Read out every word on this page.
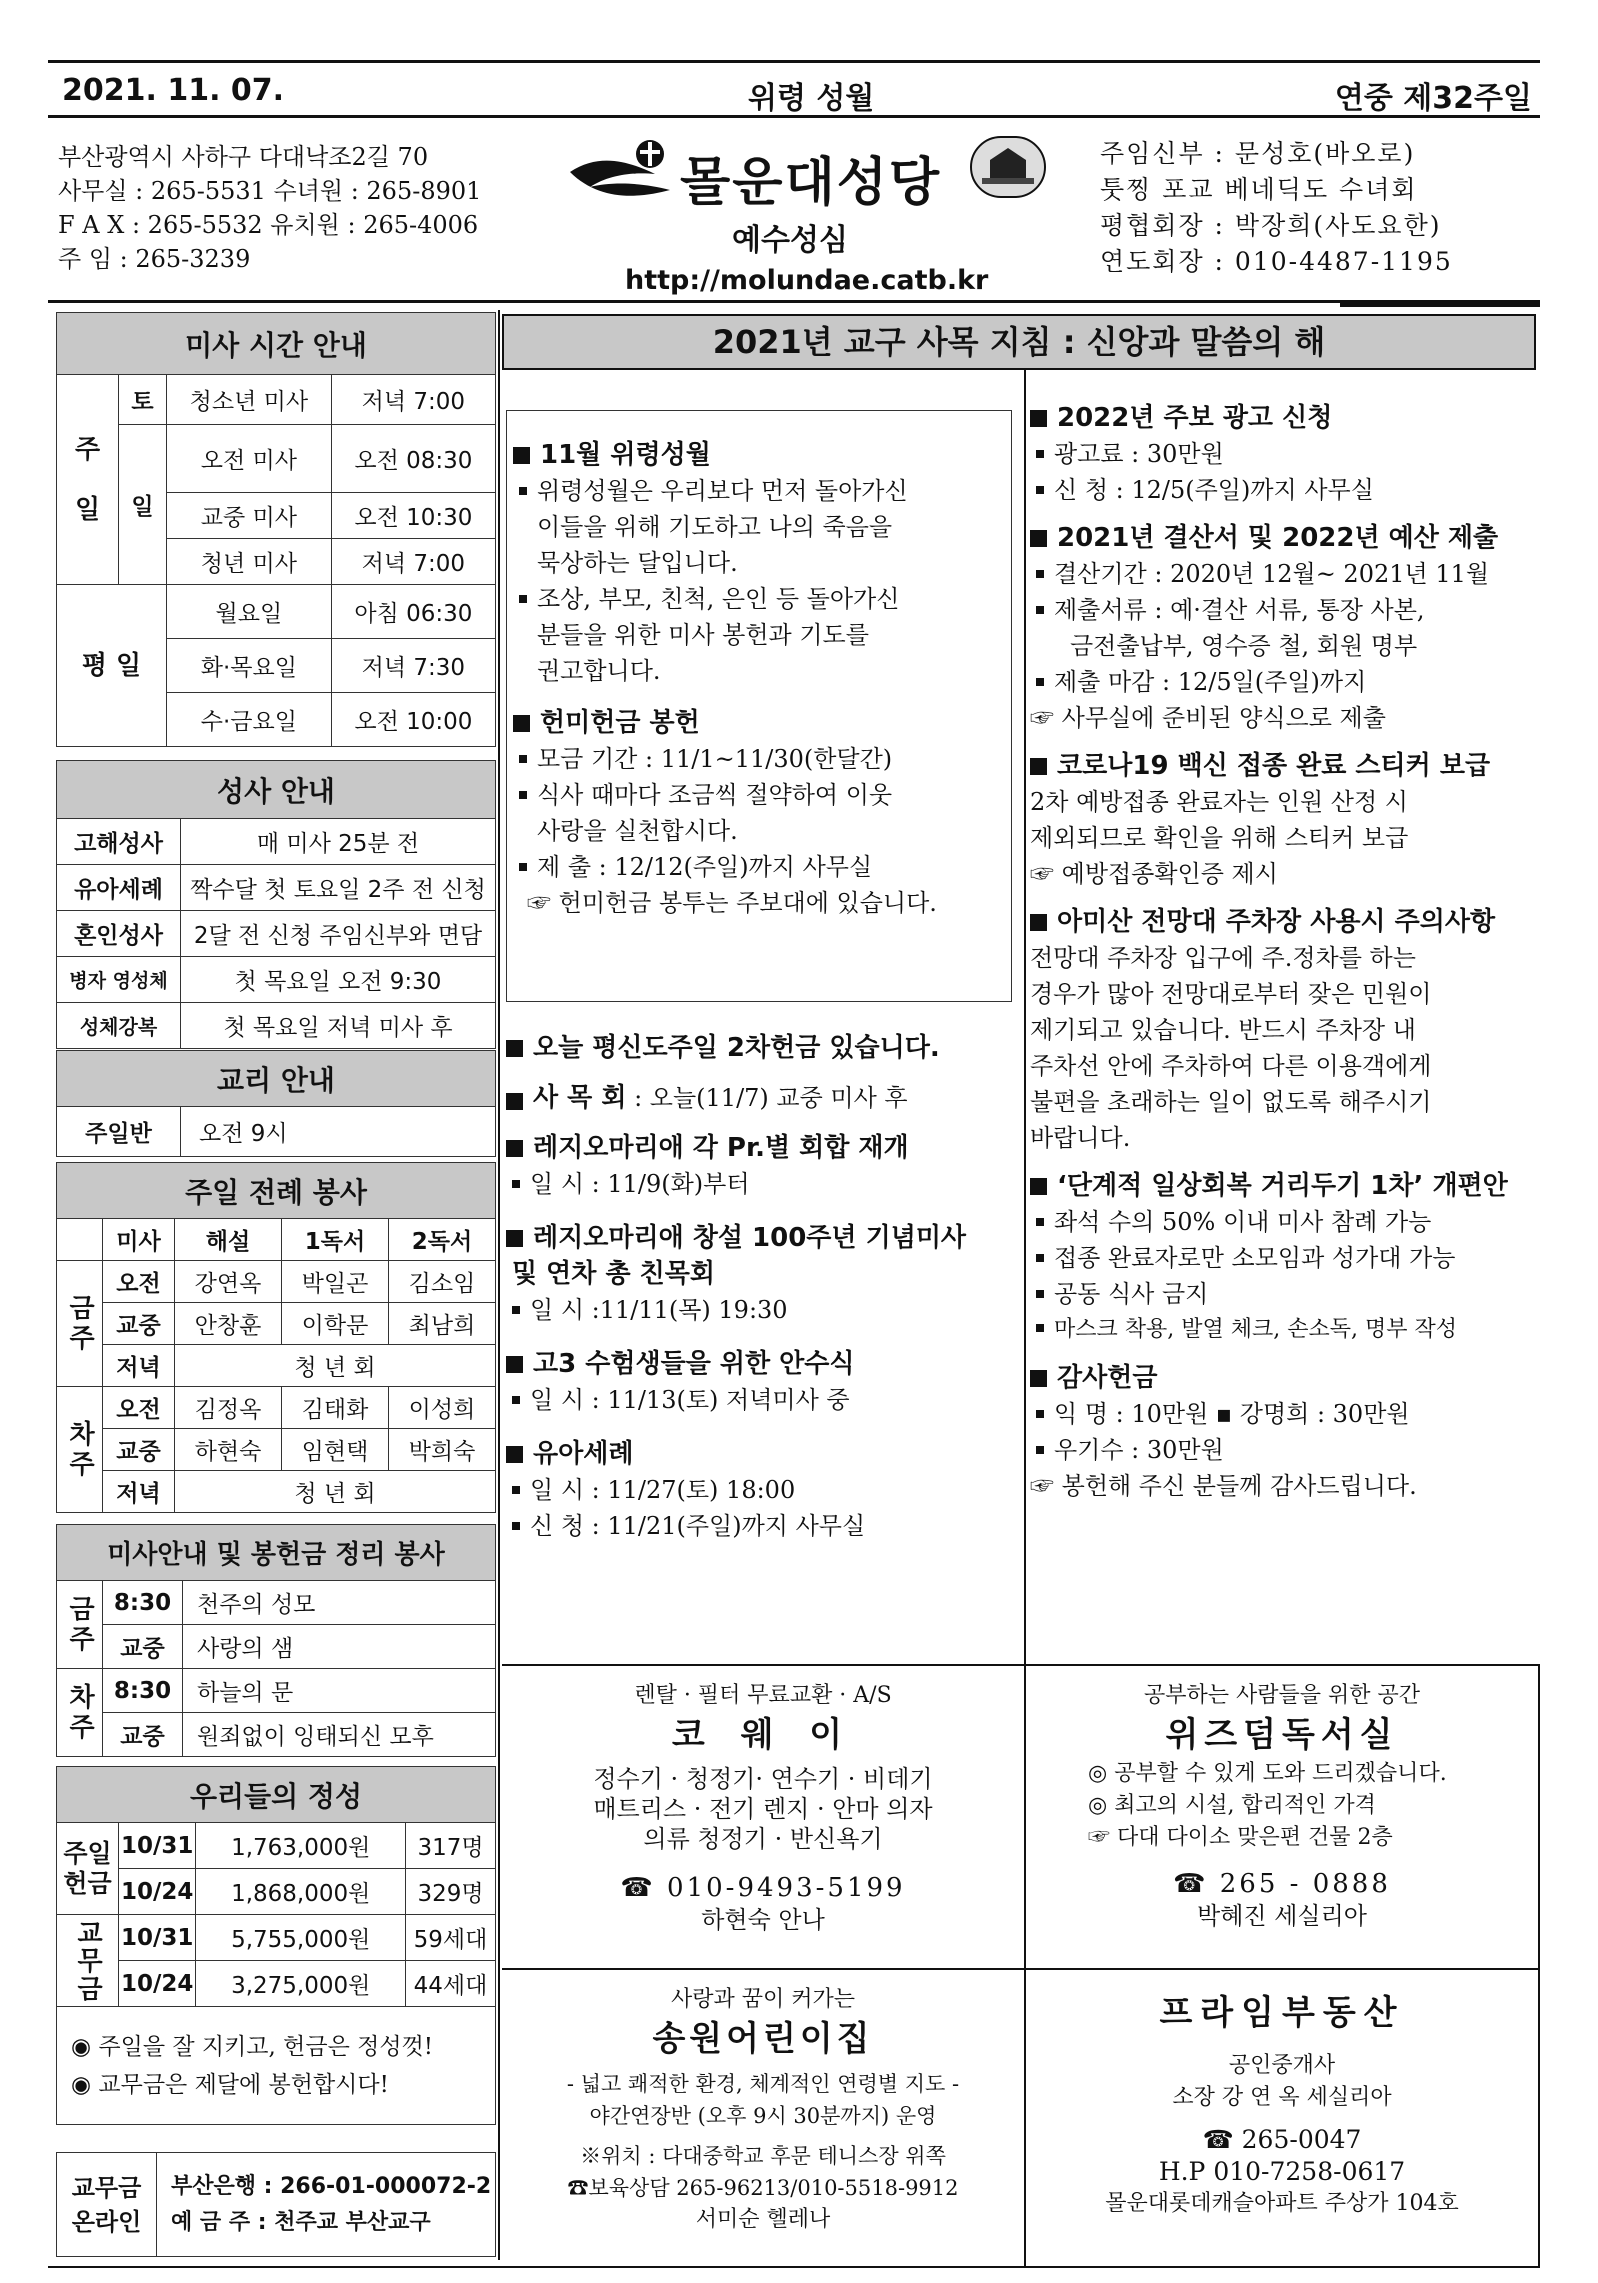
2021. 11. 07.	위령 성월	연중 제32주일
부산광역시 사하구 다대낙조2길 70
사무실 : 265-5531 수녀원 : 265-8901
F A X : 265-5532 유치원 : 265-4006
주 임 : 265-3239
몰운대성당
예수성심
http://molundae.catb.kr
주임신부 : 문성호(바오로)
툿찡 포교 베네딕도 수녀회
평협회장 : 박장희(사도요한)
연도회장 : 010-4487-1195
미사 시간 안내			

주
일	토	청소년 미사	저녁 7:00
	일	오전 미사	오전 08:30
		교중 미사	오전 10:30
		청년 미사	저녁 7:00
평 일		월요일	아침 06:30
		화·목요일	저녁 7:30
		수·금요일	오전 10:00
성사 안내	
고해성사	매 미사 25분 전
유아세례	짝수달 첫 토요일 2주 전 신청
혼인성사	2달 전 신청 주임신부와 면담
병자 영성체	첫 목요일 오전 9:30
성체강복	첫 목요일 저녁 미사 후
교리 안내
주일반	오전 9시
주일 전례 봉사				
	미사	해설	1독서	2독서
금주	오전	강연옥	박일곤	김소임
	교중	안창훈	이학문	최남희
	저녁	청 년 회		
차주	오전	김정옥	김태화	이성희
	교중	하현숙	임현택	박희숙
	저녁	청 년 회		
미사안내 및 봉헌금 정리 봉사		
금주	8:30	천주의 성모
	교중	사랑의 샘
차주	8:30	하늘의 문
	교중	원죄없이 잉태되신 모후
우리들의 정성			
주일헌금	10/31	1,763,000원	317명
	10/24	1,868,000원	329명
교무금	10/31	5,755,000원	59세대
	10/24	3,275,000원	44세대

◉ 주일을 잘 지키고, 헌금은 정성껏!
◉ 교무금은 제달에 봉헌합시다!			
교무금
온라인

부산은행 : 266-01-000072-2
예 금 주 : 천주교 부산교구
2021년 교구 사목 지침 : 신앙과 말씀의 해
11월 위령성월
위령성월은 우리보다 먼저 돌아가신
이들을 위해 기도하고 나의 죽음을
묵상하는 달입니다.
조상, 부모, 친척, 은인 등 돌아가신
분들을 위한 미사 봉헌과 기도를
권고합니다.
헌미헌금 봉헌
모금 기간 : 11/1~11/30(한달간)
식사 때마다 조금씩 절약하여 이웃
사랑을 실천합시다.
제 출 : 12/12(주일)까지 사무실
☞ 헌미헌금 봉투는 주보대에 있습니다.
오늘 평신도주일 2차헌금 있습니다.
사 목 회 : 오늘(11/7) 교중 미사 후
레지오마리애 각 Pr.별 회합 재개
일 시 : 11/9(화)부터
레지오마리애 창설 100주년 기념미사
및 연차 총 친목회
일 시 :11/11(목) 19:30
고3 수험생들을 위한 안수식
일 시 : 11/13(토) 저녁미사 중
유아세례
일 시 : 11/27(토) 18:00
신 청 : 11/21(주일)까지 사무실
2022년 주보 광고 신청
광고료 : 30만원
신 청 : 12/5(주일)까지 사무실
2021년 결산서 및 2022년 예산 제출
결산기간 : 2020년 12월~ 2021년 11월
제출서류 : 예·결산 서류, 통장 사본,
금전출납부, 영수증 철, 회원 명부
제출 마감 : 12/5일(주일)까지
☞ 사무실에 준비된 양식으로 제출
코로나19 백신 접종 완료 스티커 보급
2차 예방접종 완료자는 인원 산정 시
제외되므로 확인을 위해 스티커 보급
☞ 예방접종확인증 제시
아미산 전망대 주차장 사용시 주의사항
전망대 주차장 입구에 주.정차를 하는
경우가 많아 전망대로부터 잦은 민원이
제기되고 있습니다. 반드시 주차장 내
주차선 안에 주차하여 다른 이용객에게
불편을 초래하는 일이 없도록 해주시기
바랍니다.
‘단계적 일상회복 거리두기 1차’ 개편안
좌석 수의 50% 이내 미사 참례 가능
접종 완료자로만 소모임과 성가대 가능
공동 식사 금지
마스크 착용, 발열 체크, 손소독, 명부 작성
감사헌금
익 명 : 10만원 ▪ 강명희 : 30만원
우기수 : 30만원
☞ 봉헌해 주신 분들께 감사드립니다.
렌탈 · 필터 무료교환 · A/S
코 웨 이
정수기 · 청정기· 연수기 · 비데기
매트리스 · 전기 렌지 · 안마 의자
의류 청정기 · 반신욕기
☎ 010-9493-5199
하현숙 안나
공부하는 사람들을 위한 공간
위즈덤독서실
◎ 공부할 수 있게 도와 드리겠습니다.
◎ 최고의 시설, 합리적인 가격
☞ 다대 다이소 맞은편 건물 2층
☎ 265 - 0888
박혜진 세실리아
사랑과 꿈이 커가는
송원어린이집
- 넓고 쾌적한 환경, 체계적인 연령별 지도 -
야간연장반 (오후 9시 30분까지) 운영
※위치 : 다대중학교 후문 테니스장 위쪽
☎보육상담 265-96213/010-5518-9912
서미순 헬레나
프라임부동산
공인중개사
소장 강 연 옥 세실리아
☎ 265-0047
H.P 010-7258-0617
몰운대롯데캐슬아파트 주상가 104호
